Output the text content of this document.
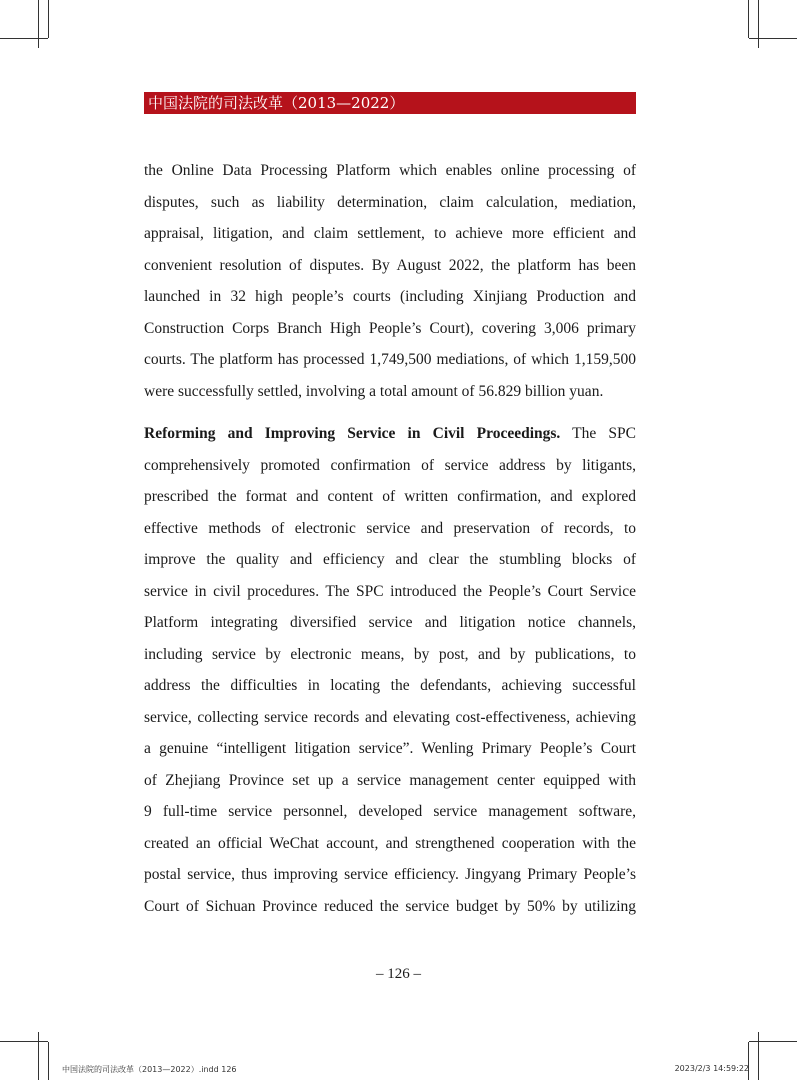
中国法院的司法改革（2013—2022）
the Online Data Processing Platform which enables online processing of
disputes, such as liability determination, claim calculation, mediation,
appraisal, litigation, and claim settlement, to achieve more efficient and
convenient resolution of disputes. By August 2022, the platform has been
launched in 32 high people’s courts (including Xinjiang Production and
Construction Corps Branch High People’s Court), covering 3,006 primary
courts. The platform has processed 1,749,500 mediations, of which 1,159,500
were successfully settled, involving a total amount of 56.829 billion yuan.
Reforming and Improving Service in Civil Proceedings. The SPC
comprehensively promoted confirmation of service address by litigants,
prescribed the format and content of written confirmation, and explored
effective methods of electronic service and preservation of records, to
improve the quality and efficiency and clear the stumbling blocks of
service in civil procedures. The SPC introduced the People’s Court Service
Platform integrating diversified service and litigation notice channels,
including service by electronic means, by post, and by publications, to
address the difficulties in locating the defendants, achieving successful
service, collecting service records and elevating cost-effectiveness, achieving
a genuine “intelligent litigation service”. Wenling Primary People’s Court
of Zhejiang Province set up a service management center equipped with
9 full-time service personnel, developed service management software,
created an official WeChat account, and strengthened cooperation with the
postal service, thus improving service efficiency. Jingyang Primary People’s
Court of Sichuan Province reduced the service budget by 50% by utilizing
– 126 –
中国法院的司法改革（2013—2022）.indd 126	2023/2/3 14:59:22
